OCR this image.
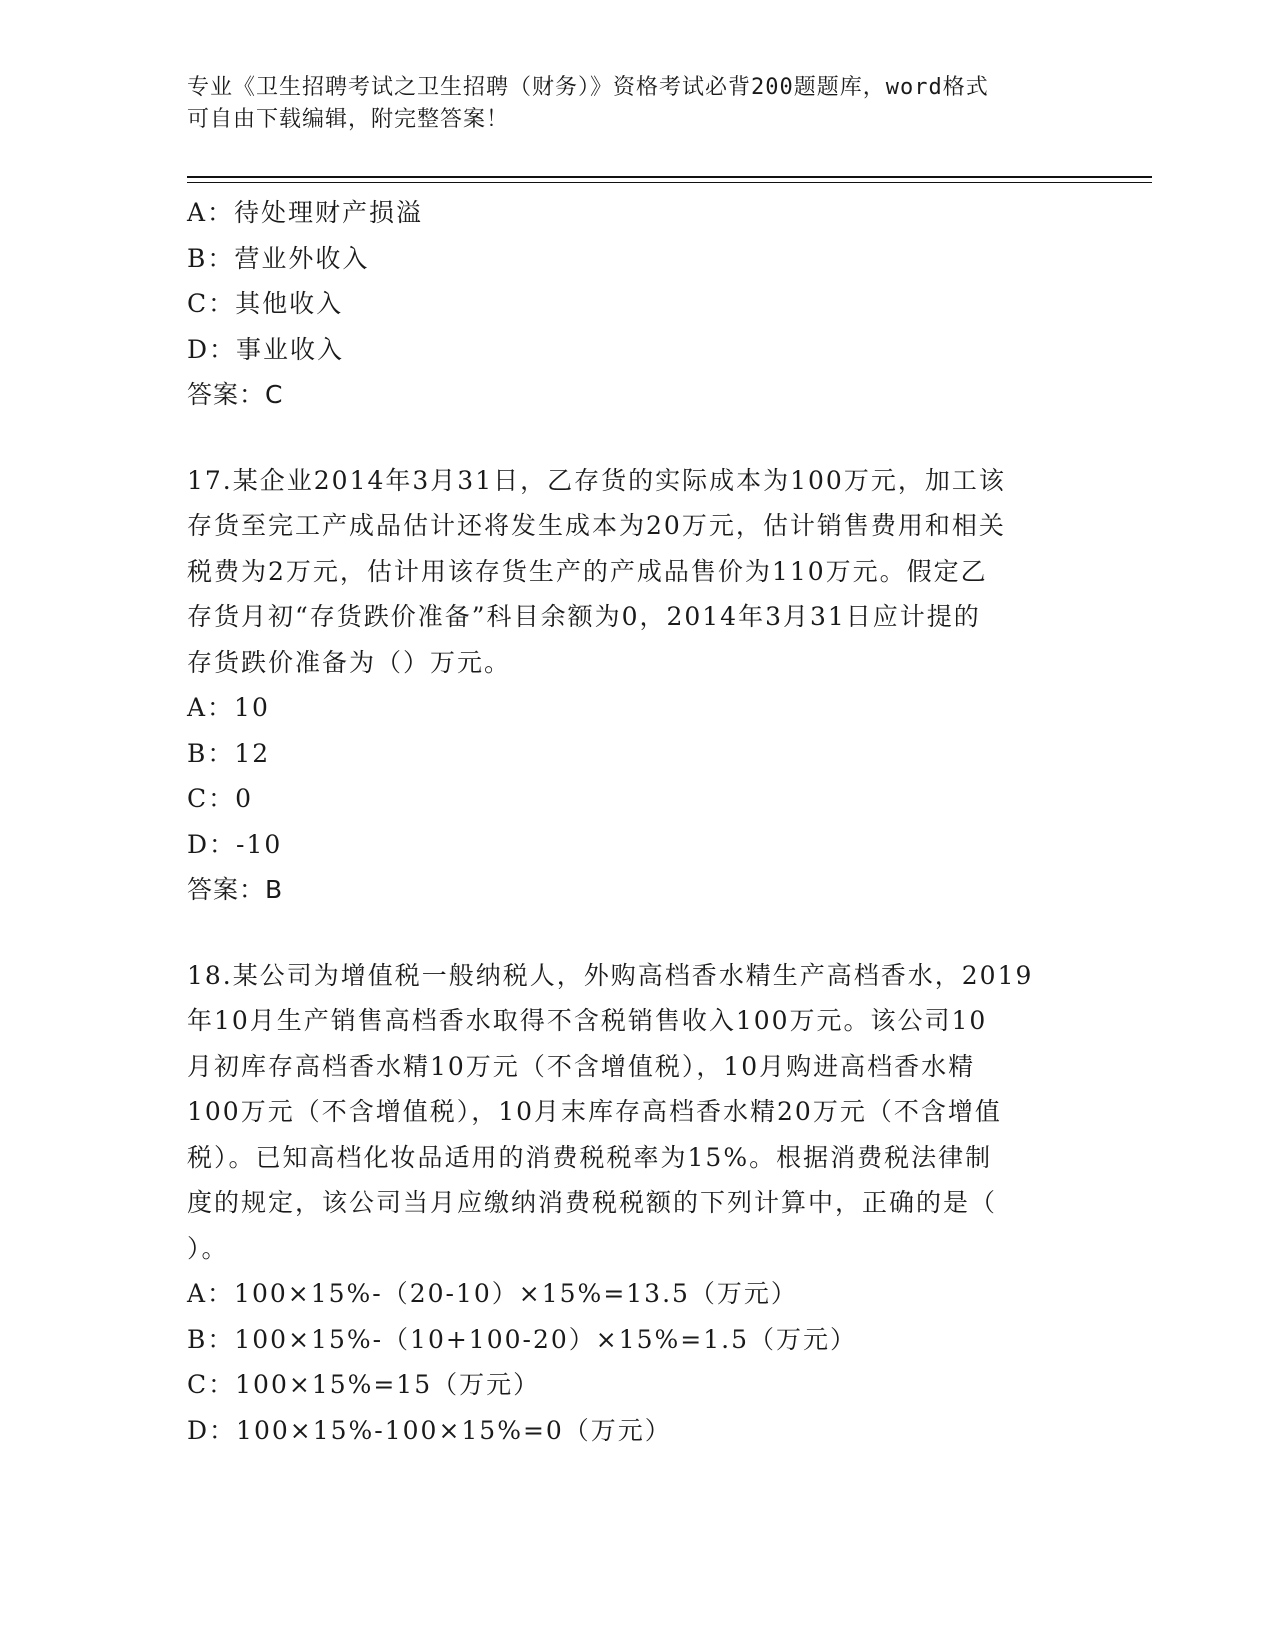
专业《卫生招聘考试之卫生招聘（财务）》资格考试必背200题题库，word格式
可自由下载编辑，附完整答案！
A：待处理财产损溢
B：营业外收入
C：其他收入
D：事业收入
答案：C
17.某企业2014年3月31日，乙存货的实际成本为100万元，加工该
存货至完工产成品估计还将发生成本为20万元，估计销售费用和相关
税费为2万元，估计用该存货生产的产成品售价为110万元。假定乙
存货月初“存货跌价准备”科目余额为0，2014年3月31日应计提的
存货跌价准备为（）万元。
A：10
B：12
C：0
D：-10
答案：B
18.某公司为增值税一般纳税人，外购高档香水精生产高档香水，2019
年10月生产销售高档香水取得不含税销售收入100万元。该公司10
月初库存高档香水精10万元（不含增值税），10月购进高档香水精
100万元（不含增值税），10月末库存高档香水精20万元（不含增值
税）。已知高档化妆品适用的消费税税率为15%。根据消费税法律制
度的规定，该公司当月应缴纳消费税税额的下列计算中，正确的是（
）。
A：100×15%-（20-10）×15%=13.5（万元）
B：100×15%-（10+100-20）×15%=1.5（万元）
C：100×15%=15（万元）
D：100×15%-100×15%=0（万元）
